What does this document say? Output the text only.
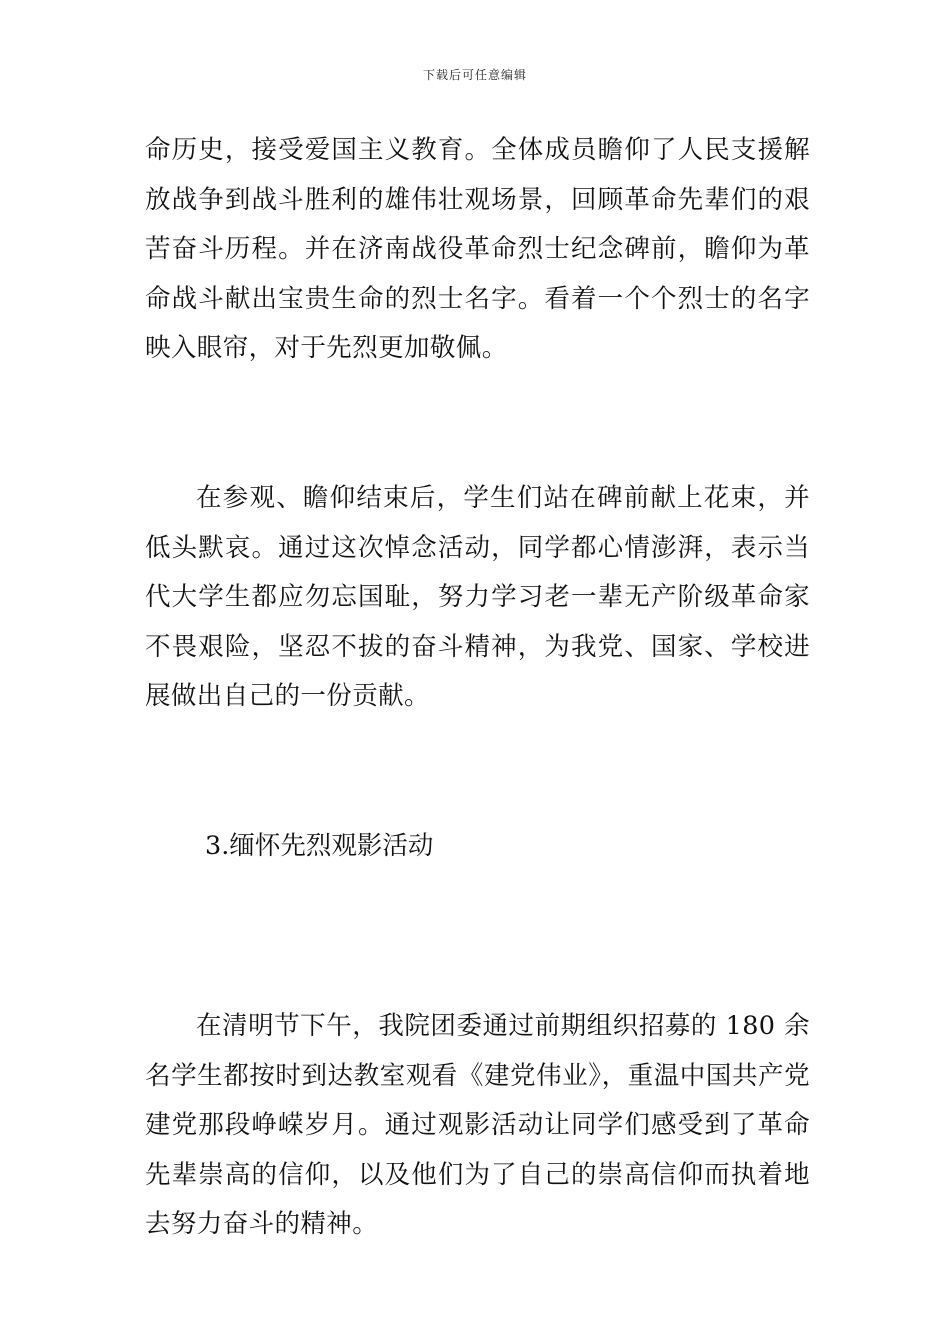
下载后可任意编辑

命历史，接受爱国主义教育。全体成员瞻仰了人民支援解放战争到战斗胜利的雄伟壮观场景，回顾革命先辈们的艰苦奋斗历程。并在济南战役革命烈士纪念碑前，瞻仰为革命战斗献出宝贵生命的烈士名字。看着一个个烈士的名字映入眼帘，对于先烈更加敬佩。

在参观、瞻仰结束后，学生们站在碑前献上花束，并低头默哀。通过这次悼念活动，同学都心情澎湃，表示当代大学生都应勿忘国耻，努力学习老一辈无产阶级革命家不畏艰险，坚忍不拔的奋斗精神，为我党、国家、学校进展做出自己的一份贡献。

3.缅怀先烈观影活动

在清明节下午，我院团委通过前期组织招募的 180 余名学生都按时到达教室观看《建党伟业》，重温中国共产党建党那段峥嵘岁月。通过观影活动让同学们感受到了革命先辈崇高的信仰，以及他们为了自己的崇高信仰而执着地去努力奋斗的精神。
